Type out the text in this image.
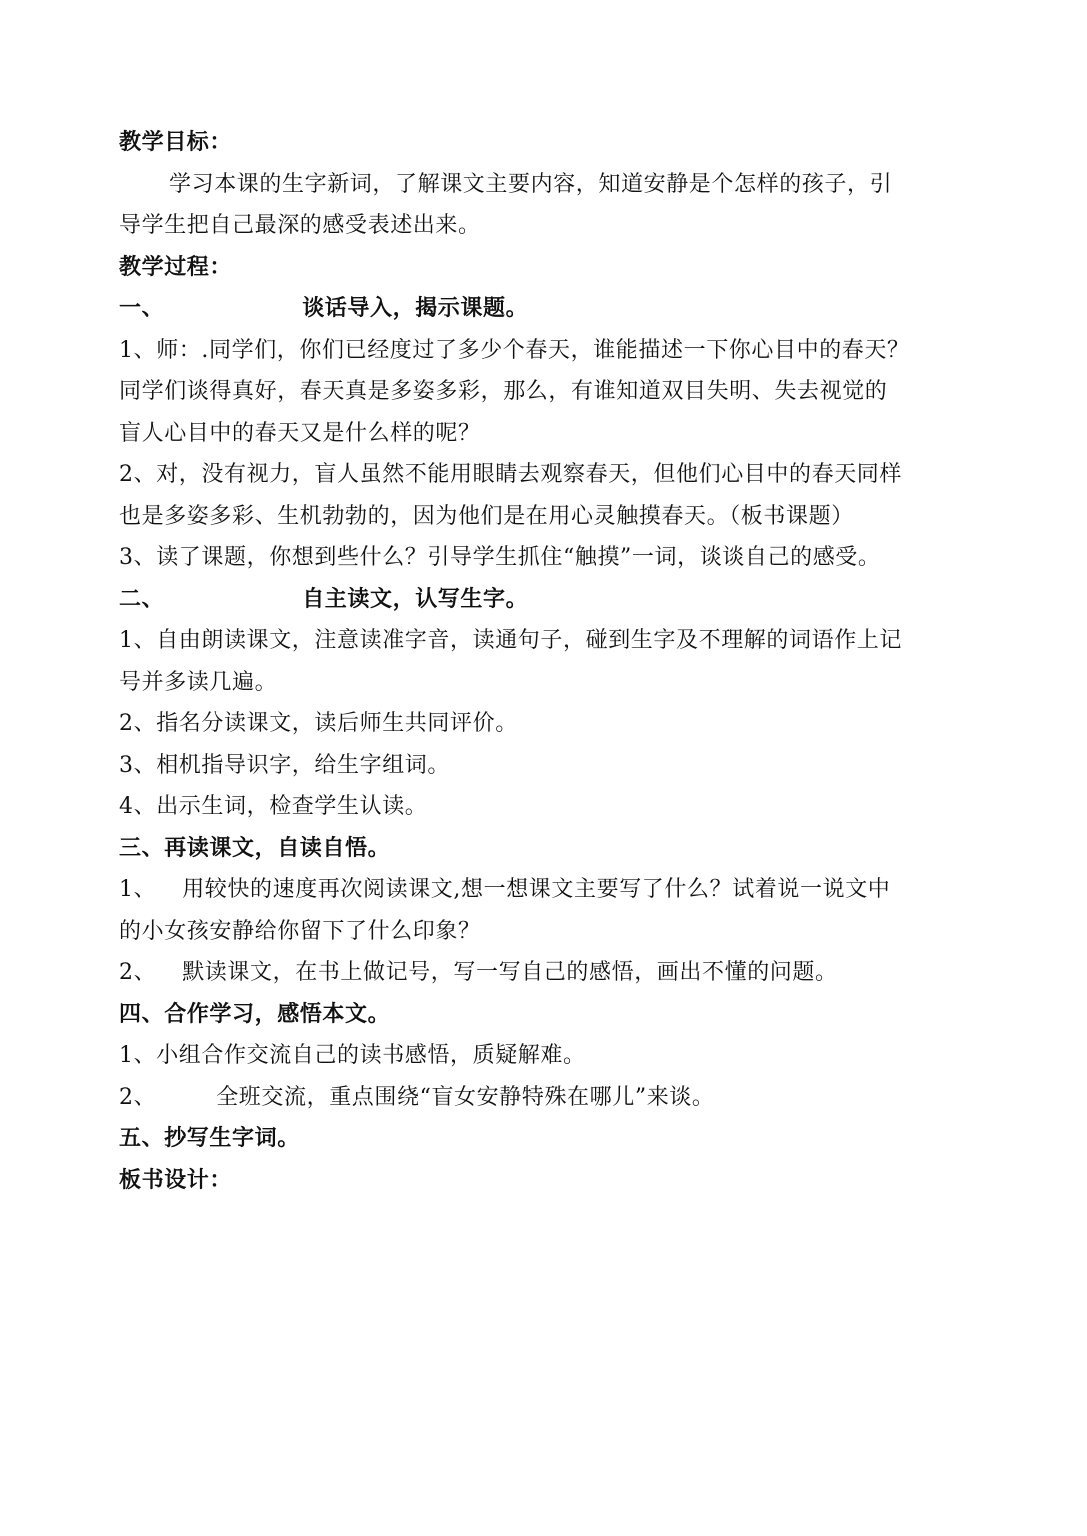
教学目标：
学习本课的生字新词，了解课文主要内容，知道安静是个怎样的孩子，引
导学生把自己最深的感受表述出来。
教学过程：
一、	谈话导入，揭示课题。
1、师：.同学们，你们已经度过了多少个春天，谁能描述一下你心目中的春天？
同学们谈得真好，春天真是多姿多彩，那么，有谁知道双目失明、失去视觉的
盲人心目中的春天又是什么样的呢？
2、对，没有视力，盲人虽然不能用眼睛去观察春天，但他们心目中的春天同样
也是多姿多彩、生机勃勃的，因为他们是在用心灵触摸春天。（板书课题）
3、读了课题，你想到些什么？引导学生抓住“触摸”一词，谈谈自己的感受。
二、	自主读文，认写生字。
1、自由朗读课文，注意读准字音，读通句子，碰到生字及不理解的词语作上记
号并多读几遍。
2、指名分读课文，读后师生共同评价。
3、相机指导识字，给生字组词。
4、出示生词，检查学生认读。
三、再读课文，自读自悟。
1、 用较快的速度再次阅读课文,想一想课文主要写了什么？试着说一说文中
的小女孩安静给你留下了什么印象？
2、 默读课文，在书上做记号，写一写自己的感悟，画出不懂的问题。
四、合作学习，感悟本文。
1、小组合作交流自己的读书感悟，质疑解难。
2、	全班交流，重点围绕“盲女安静特殊在哪儿”来谈。
五、抄写生字词。
板书设计：
